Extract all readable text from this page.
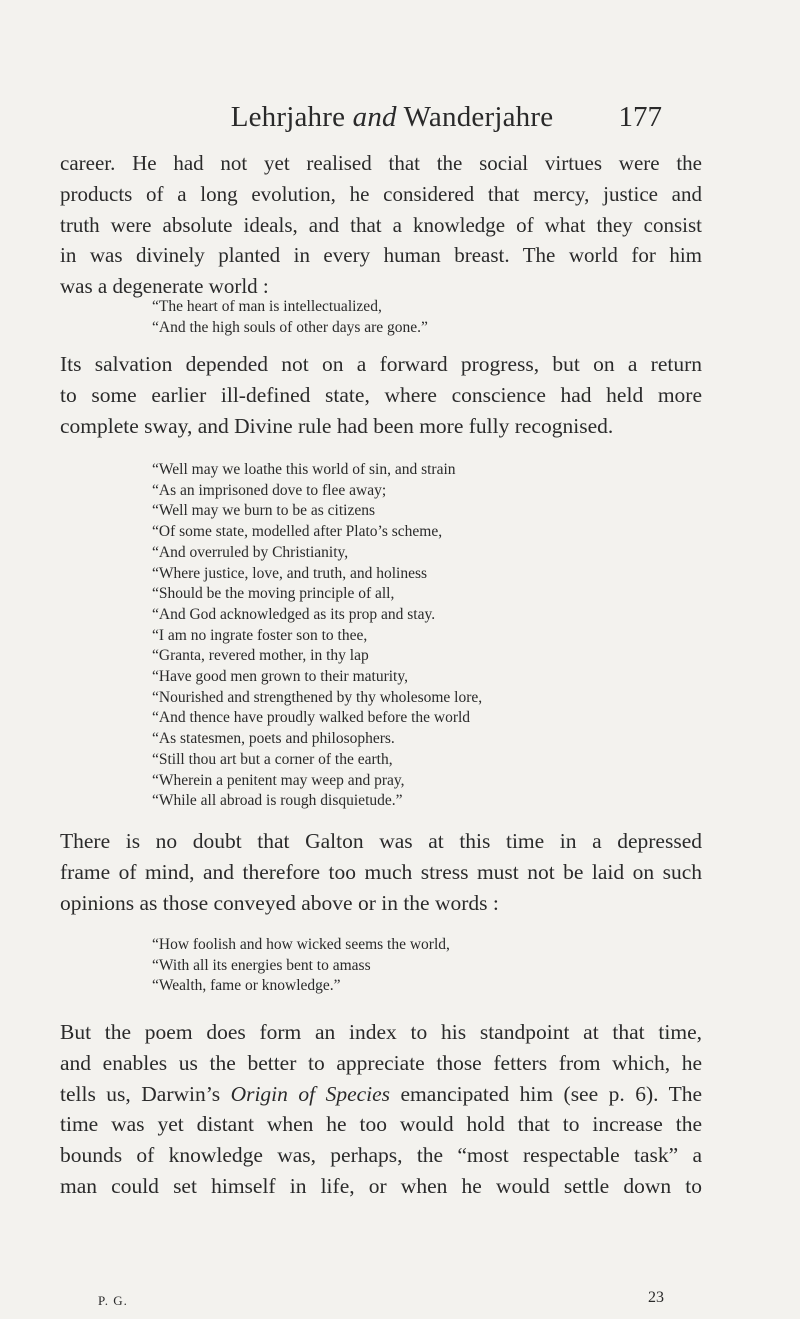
Lehrjahre and Wanderjahre	177

career. He had not yet realised that the social virtues were the
products of a long evolution, he considered that mercy, justice and
truth were absolute ideals, and that a knowledge of what they consist
in was divinely planted in every human breast. The world for him
was a degenerate world :

“The heart of man is intellectualized,
“And the high souls of other days are gone.”

Its salvation depended not on a forward progress, but on a return
to some earlier ill-defined state, where conscience had held more
complete sway, and Divine rule had been more fully recognised.

“Well may we loathe this world of sin, and strain
“As an imprisoned dove to flee away;
“Well may we burn to be as citizens
“Of some state, modelled after Plato’s scheme,
“And overruled by Christianity,
“Where justice, love, and truth, and holiness
“Should be the moving principle of all,
“And God acknowledged as its prop and stay.
“I am no ingrate foster son to thee,
“Granta, revered mother, in thy lap
“Have good men grown to their maturity,
“Nourished and strengthened by thy wholesome lore,
“And thence have proudly walked before the world
“As statesmen, poets and philosophers.
“Still thou art but a corner of the earth,
“Wherein a penitent may weep and pray,
“While all abroad is rough disquietude.”

There is no doubt that Galton was at this time in a depressed
frame of mind, and therefore too much stress must not be laid on such
opinions as those conveyed above or in the words :

“How foolish and how wicked seems the world,
“With all its energies bent to amass
“Wealth, fame or knowledge.”

But the poem does form an index to his standpoint at that time,
and enables us the better to appreciate those fetters from which, he
tells us, Darwin’s Origin of Species emancipated him (see p. 6). The
time was yet distant when he too would hold that to increase the
bounds of knowledge was, perhaps, the “most respectable task” a
man could set himself in life, or when he would settle down to

P. G.	23
